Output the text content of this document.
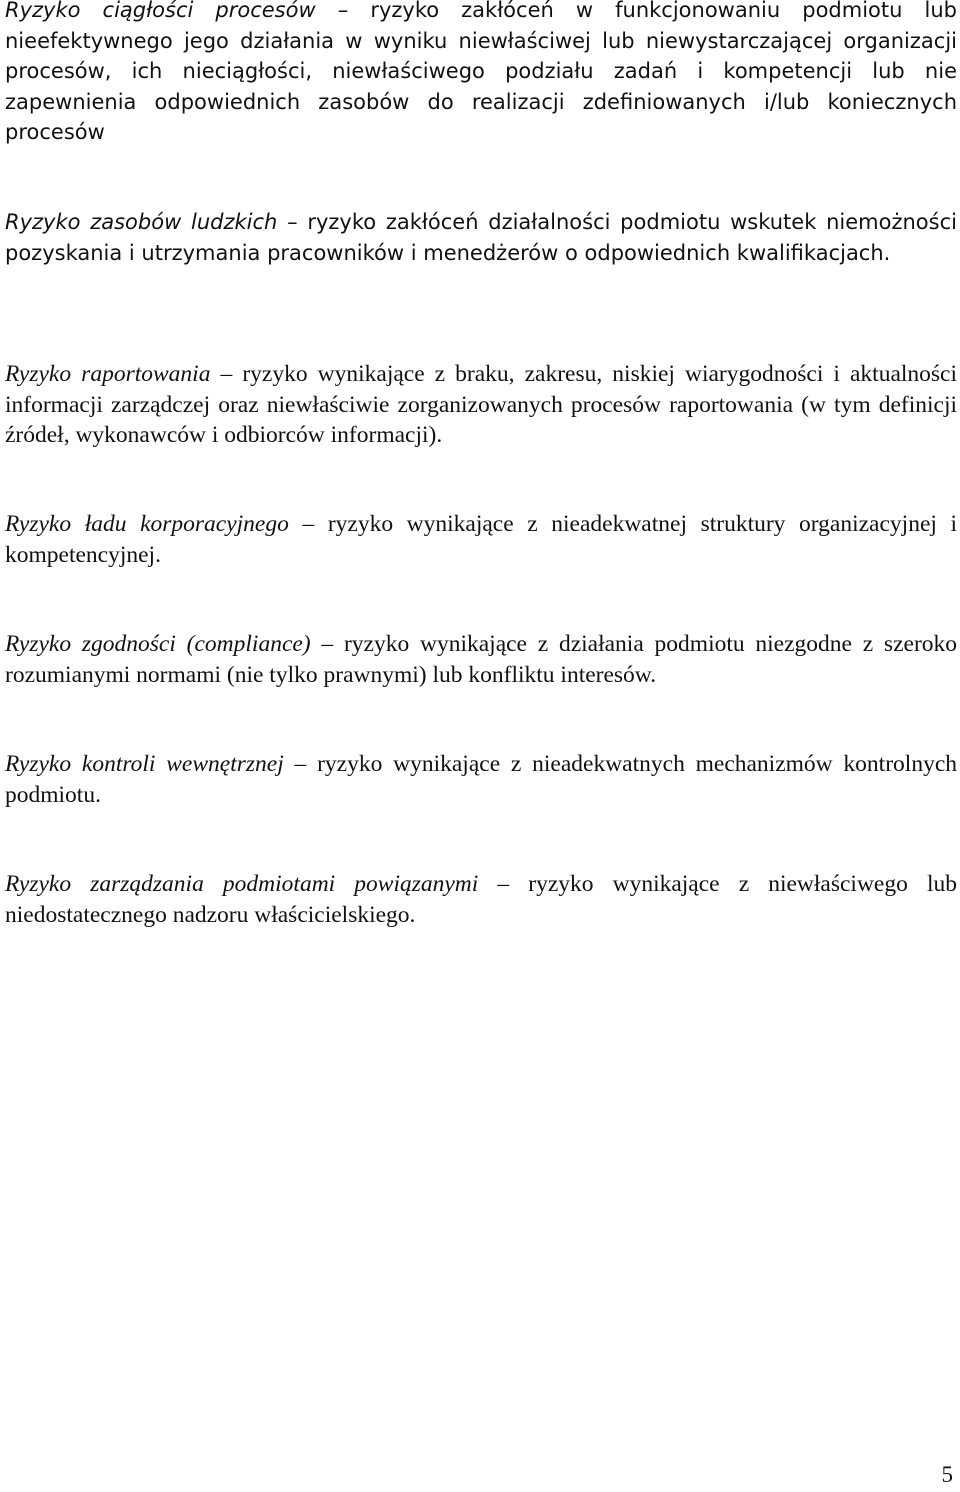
Ryzyko ciągłości procesów – ryzyko zakłóceń w funkcjonowaniu podmiotu lub nieefektywnego jego działania w wyniku niewłaściwej lub niewystarczającej organizacji procesów, ich nieciągłości, niewłaściwego podziału zadań i kompetencji lub nie zapewnienia odpowiednich zasobów do realizacji zdefiniowanych i/lub koniecznych procesów

Ryzyko zasobów ludzkich – ryzyko zakłóceń działalności podmiotu wskutek niemożności pozyskania i utrzymania pracowników i menedżerów o odpowiednich kwalifikacjach.

Ryzyko raportowania – ryzyko wynikające z braku, zakresu, niskiej wiarygodności i aktualności informacji zarządczej oraz niewłaściwie zorganizowanych procesów raportowania (w tym definicji źródeł, wykonawców i odbiorców informacji).

Ryzyko ładu korporacyjnego – ryzyko wynikające z nieadekwatnej struktury organizacyjnej i kompetencyjnej.

Ryzyko zgodności (compliance) – ryzyko wynikające z działania podmiotu niezgodne z szeroko rozumianymi normami (nie tylko prawnymi) lub konfliktu interesów.

Ryzyko kontroli wewnętrznej – ryzyko wynikające z nieadekwatnych mechanizmów kontrolnych podmiotu.

Ryzyko zarządzania podmiotami powiązanymi – ryzyko wynikające z niewłaściwego lub niedostatecznego nadzoru właścicielskiego.

5
